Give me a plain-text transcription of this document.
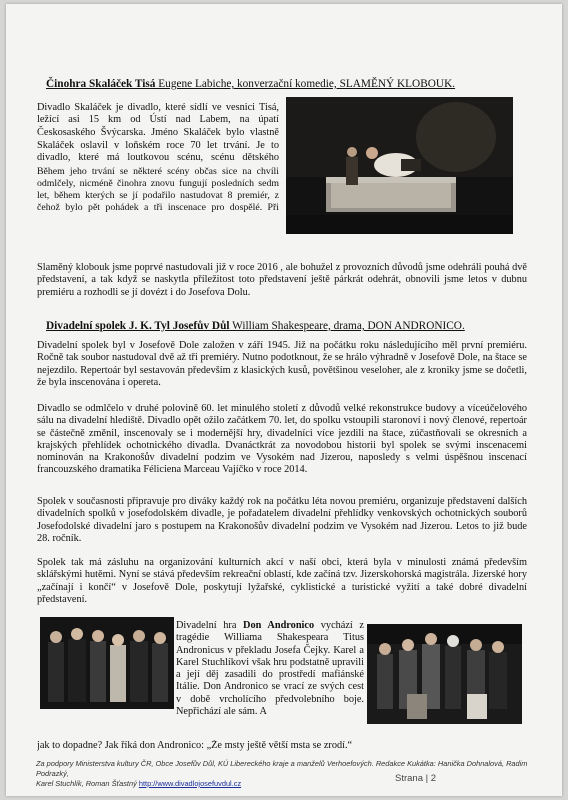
Činohra Skaláček Tisá Eugene Labiche, konverzační komedie, SLAMĚNÝ KLOBOUK.
Divadlo Skaláček je divadlo, které sídlí ve vesnici Tisá, ležící asi 15 km od Ústí nad Labem, na úpatí Českosaského Švýcarska. Jméno Skaláček bylo vlastně
Skaláček oslavil v loňském roce 70 let trvání. Je to divadlo, které má loutkovou scénu, scénu dětského
Během jeho trvání se některé scény občas sice na chvíli odmlčely, nicméně činohra znovu fungují posledních sedm let, během kterých se jí podařilo nastudovat 8 premiér, z čehož bylo pět pohádek a tři inscenace pro dospělé. Při
Slaměný klobouk jsme poprvé nastudovali již v roce 2016 , ale bohužel z provozních důvodů jsme odehráli pouhá dvě představení, a tak když se naskytla příležitost toto představení ještě párkrát odehrát, obnovili jsme letos v dubnu premiéru a rozhodli se jí dovézt i do Josefova Dolu.
Divadelní spolek J. K. Tyl Josefův Důl William Shakespeare, drama, DON ANDRONICO.
Divadelní spolek byl v Josefově Dole založen v září 1945. Již na počátku roku následujícího měl první premiéru. Ročně tak soubor nastudoval dvě až tři premiéry. Nutno podotknout, že se hrálo výhradně v Josefově Dole, na štace se nejezdilo. Repertoár byl sestavován především z klasických kusů, povětšinou veseloher, ale z kroniky jsme se dočetli, že byla inscenována i opereta.
Divadlo se odmlčelo v druhé polovině 60. let minulého století z důvodů velké rekonstrukce budovy a víceúčelového sálu na divadelní hlediště. Divadlo opět ožilo začátkem 70. let, do spolku vstoupili staronoví i nový členové, repertoár se částečně změnil, inscenovaly se i modernější hry, divadelníci více jezdili na štace, zúčastňovali se okresních a krajských přehlídek ochotnického divadla. Dvanáctkrát za novodobou historii byl spolek se svými inscenacemi nominován na Krakonošův divadelní podzim ve Vysokém nad Jizerou, naposledy s velmi úspěšnou inscenací francouzského dramatika Féliciena Marceau Vajíčko v roce 2014.
Spolek v současnosti připravuje pro diváky každý rok na počátku léta novou premiéru, organizuje představení dalších divadelních spolků v josefodolském divadle, je pořadatelem divadelní přehlídky venkovských ochotnických souborů Josefodolské divadelní jaro s postupem na Krakonošův divadelní podzim ve Vysokém nad Jizerou. Letos to již bude 28. ročník.
Spolek tak má zásluhu na organizování kulturních akcí v naší obci, která byla v minulosti známá především sklářskými hutěmi. Nyní se stává především rekreační oblastí, kde začíná tzv. Jizerskohorská magistrála. Jizerské hory „začínají i končí“ v Josefově Dole, poskytují lyžařské, cyklistické a turistické vyžití a také dobré divadelní představení.
Divadelní hra Don Andronico vychází z tragédie Williama Shakespeara Titus Andronicus v překladu Josefa Čejky. Karel a Karel Stuchlíkovi však hru podstatně upravili a její děj zasadili do prostředí mafiánské Itálie. Don Andronico se vrací ze svých cest v době vrcholícího předvolebního boje. Nepřichází ale sám. A
jak to dopadne? Jak říká don Andronico: „Že msty ještě větší msta se zrodí.“
Za podpory Ministerstva kultury ČR, Obce Josefův Důl, KÚ Libereckého kraje a manželů Verhoefových. Redakce Kukátka: Hanička Dohnalová, Radim Podrazký,
Karel Stuchlík, Roman Šťastný http://www.divadlojosefuvdul.cz	Strana | 2
